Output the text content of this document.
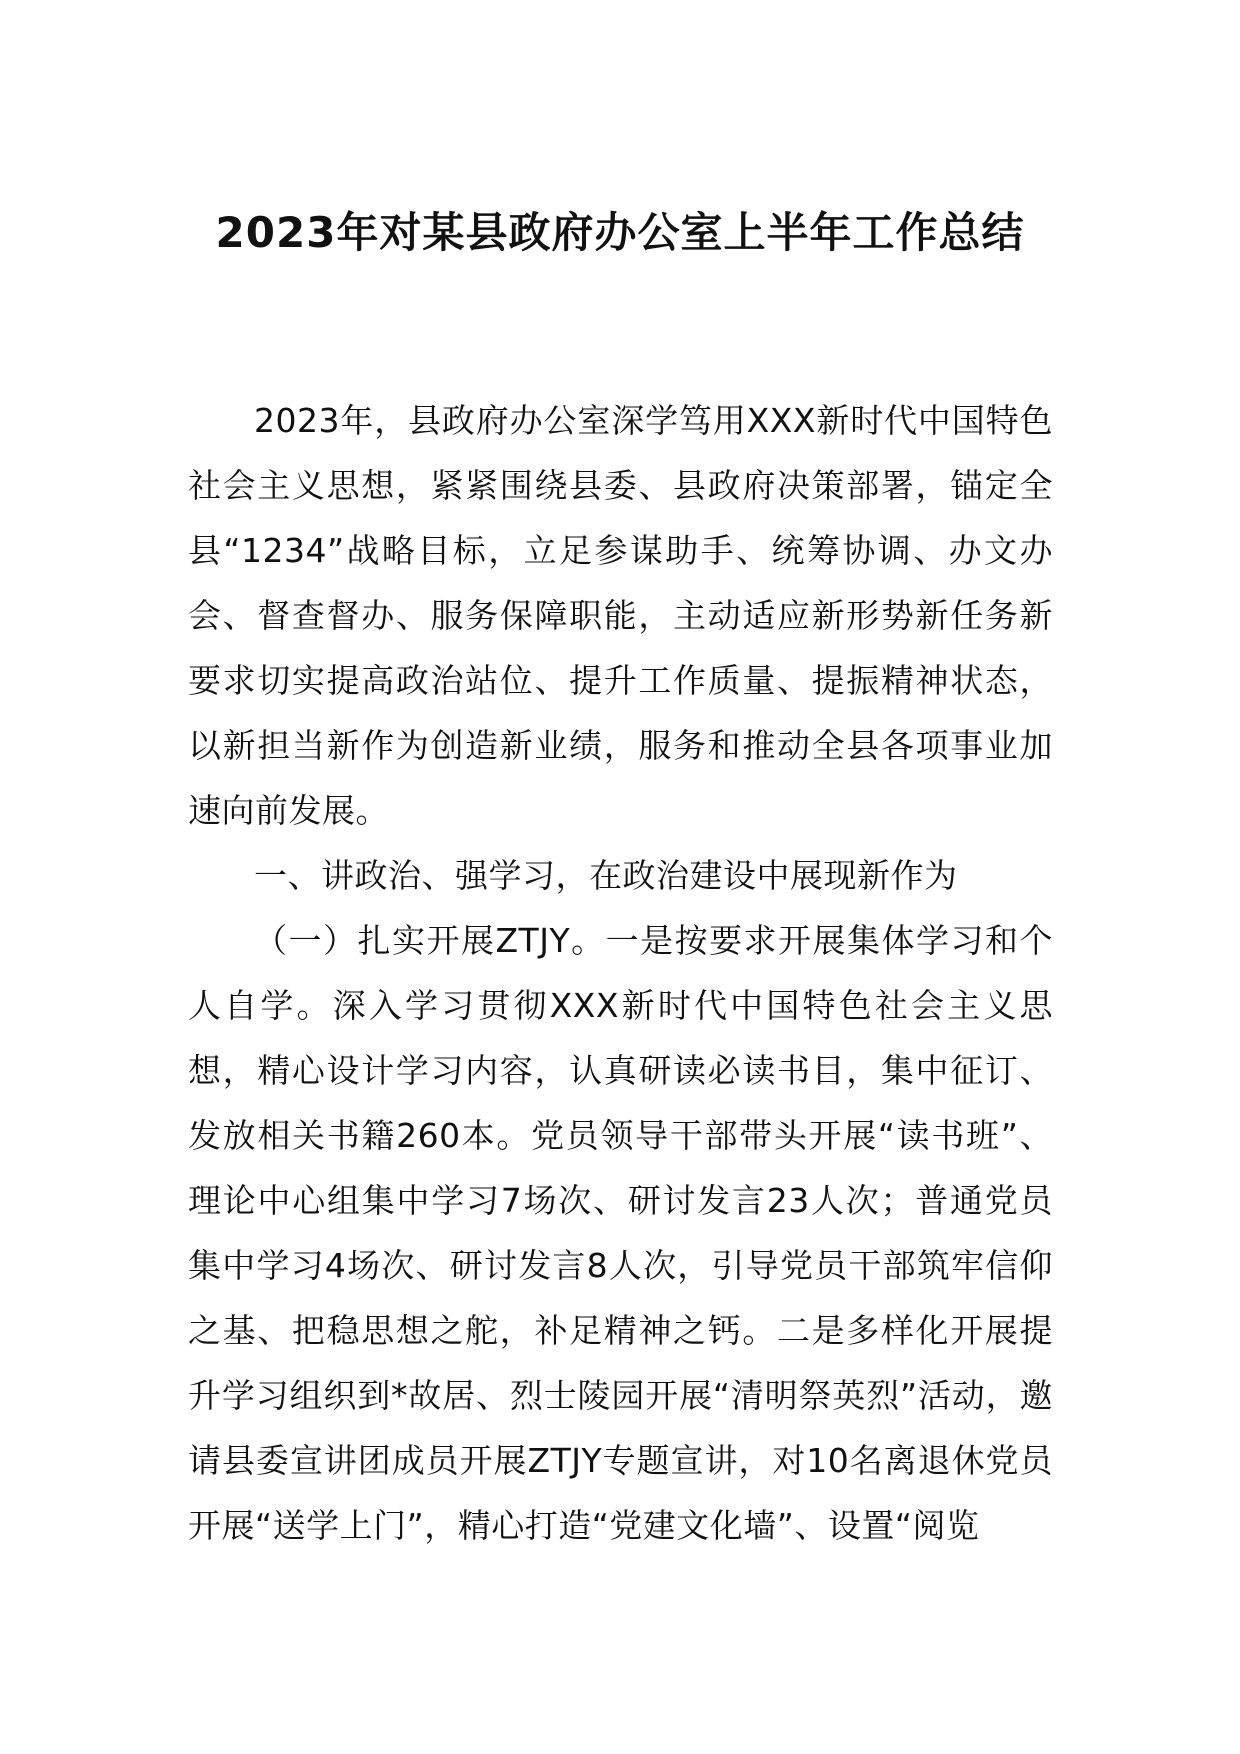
2023年对某县政府办公室上半年工作总结

2023年，县政府办公室深学笃用XXX新时代中国特色社会主义思想，紧紧围绕县委、县政府决策部署，锚定全县“1234”战略目标，立足参谋助手、统筹协调、办文办会、督查督办、服务保障职能，主动适应新形势新任务新要求切实提高政治站位、提升工作质量、提振精神状态，以新担当新作为创造新业绩，服务和推动全县各项事业加速向前发展。

一、讲政治、强学习，在政治建设中展现新作为

（一）扎实开展ZTJY。一是按要求开展集体学习和个人自学。深入学习贯彻XXX新时代中国特色社会主义思想，精心设计学习内容，认真研读必读书目，集中征订、发放相关书籍260本。党员领导干部带头开展“读书班”、理论中心组集中学习7场次、研讨发言23人次；普通党员集中学习4场次、研讨发言8人次，引导党员干部筑牢信仰之基、把稳思想之舵，补足精神之钙。二是多样化开展提升学习组织到*故居、烈士陵园开展“清明祭英烈”活动，邀请县委宣讲团成员开展ZTJY专题宣讲，对10名离退休党员开展“送学上门”，精心打造“党建文化墙”、设置“阅览
